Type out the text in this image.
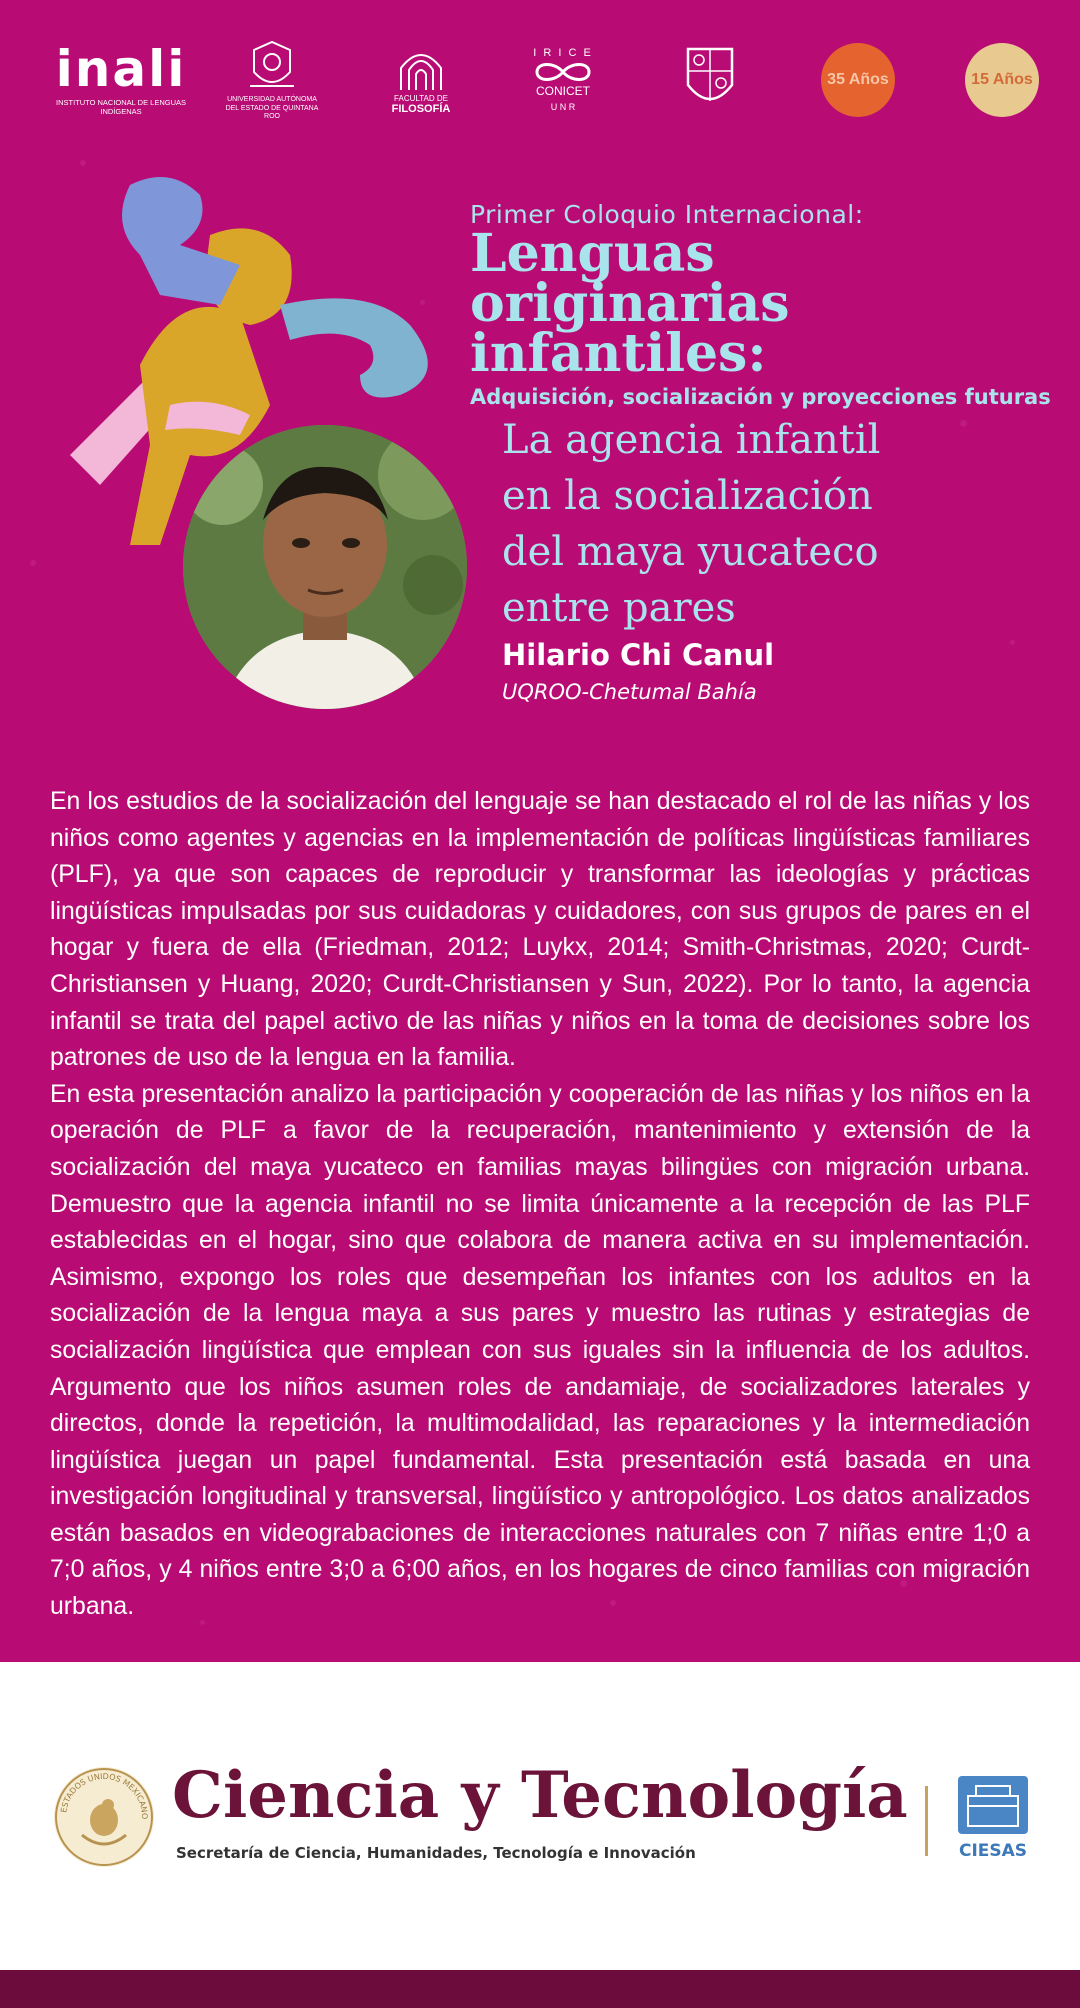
inali
INSTITUTO NACIONAL DE LENGUAS INDÍGENAS
UNIVERSIDAD AUTÓNOMA DEL ESTADO DE QUINTANA ROO
FACULTAD DE
FILOSOFÍA
I R I C E
CONICET
U N R
35 Años	15 Años
Primer Coloquio Internacional:
Lenguas
originarias infantiles:
Adquisición, socialización y proyecciones futuras
La agencia infantil
en la socialización
del maya yucateco
entre pares
Hilario Chi Canul
UQROO-Chetumal Bahía

En los estudios de la socialización del lenguaje se han destacado el rol de las niñas y los niños como agentes y agencias en la implementación de políticas lingüísticas familiares (PLF), ya que son capaces de reproducir y transformar las ideologías y prácticas lingüísticas impulsadas por sus cuidadoras y cuidadores, con sus grupos de pares en el hogar y fuera de ella (Friedman, 2012; Luykx, 2014; Smith-Christmas, 2020; Curdt-Christiansen y Huang, 2020; Curdt-Christiansen y Sun, 2022). Por lo tanto, la agencia infantil se trata del papel activo de las niñas y niños en la toma de decisiones sobre los patrones de uso de la lengua en la familia.

En esta presentación analizo la participación y cooperación de las niñas y los niños en la operación de PLF a favor de la recuperación, mantenimiento y extensión de la socialización del maya yucateco en familias mayas bilingües con migración urbana. Demuestro que la agencia infantil no se limita únicamente a la recepción de las PLF establecidas en el hogar, sino que colabora de manera activa en su implementación. Asimismo, expongo los roles que desempeñan los infantes con los adultos en la socialización de la lengua maya a sus pares y muestro las rutinas y estrategias de socialización lingüística que emplean con sus iguales sin la influencia de los adultos. Argumento que los niños asumen roles de andamiaje, de socializadores laterales y directos, donde la repetición, la multimodalidad, las reparaciones y la intermediación lingüística juegan un papel fundamental. Esta presentación está basada en una investigación longitudinal y transversal, lingüístico y antropológico. Los datos analizados están basados en videograbaciones de interacciones naturales con 7 niñas entre 1;0 a 7;0 años, y 4 niños entre 3;0 a 6;00 años, en los hogares de cinco familias con migración urbana.

ESTADOS UNIDOS MEXICANO Ciencia y Tecnología
Secretaría de Ciencia, Humanidades, Tecnología e Innovación	CIESAS
